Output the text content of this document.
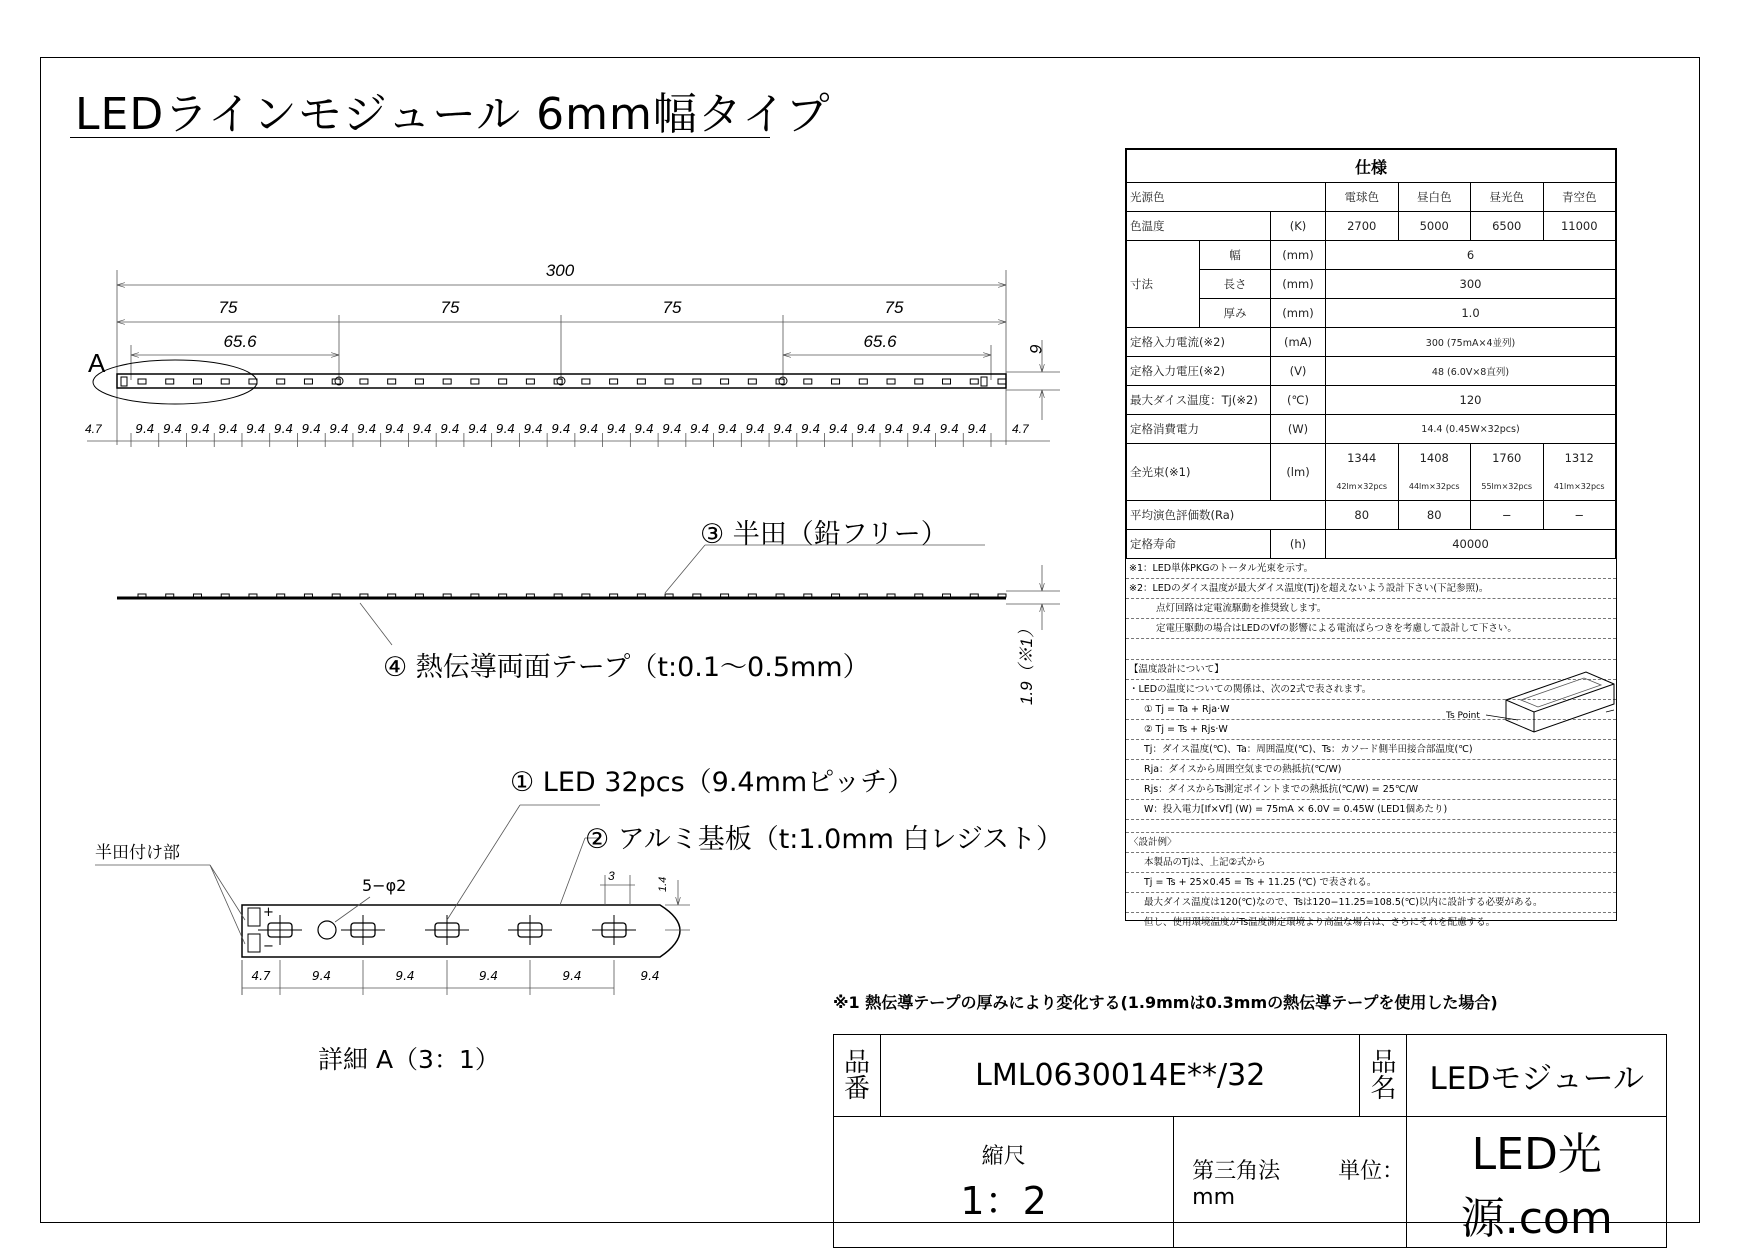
LEDラインモジュール 6mm幅タイプ
300
75	75	75	75
65.6	65.6	6
4.7	4.7
A
9.4 9.4 9.4 9.4 9.4 9.4 9.4 9.4 9.4 9.4 9.4 9.4 9.4 9.4 9.4 9.4 9.4 9.4 9.4 9.4 9.4 9.4 9.4 9.4 9.4 9.4 9.4 9.4 9.4 9.4 9.4
1.9（※1）
4.7	9.4	9.4	9.4	9.4	9.4
+
−
5−φ2	3
1.4
半田付け部
③ 半田（鉛フリー）
④ 熱伝導両面テープ（t:0.1〜0.5mm）
① LED 32pcs（9.4mmピッチ）
② アルミ基板（t:1.0mm 白レジスト）
詳細 A（3：1）
仕様						
光源色			電球色	昼白色	昼光色	青空色
色温度		(K)	2700	5000	6500	11000
寸法	幅	(mm)	6			
	長さ	(mm)	300			
	厚み	(mm)	1.0			
定格入力電流(※2)		(mA)	300 (75mA×4並列)			
定格入力電圧(※2)		(V)	48 (6.0V×8直列)			
最大ダイス温度：Tj(※2)		(℃)	120			
定格消費電力		(W)	14.4 (0.45W×32pcs)			
全光束(※1)		(lm)	1344	1408	1760	1312
			42lm×32pcs	44lm×32pcs	55lm×32pcs	41lm×32pcs
平均演色評価数(Ra)			80	80	−	−
定格寿命		(h)	40000			
※1：LED単体PKGのトータル光束を示す。
※2：LEDのダイス温度が最大ダイス温度(Tj)を超えないよう設計下さい(下記参照)。
点灯回路は定電流駆動を推奨致します。
定電圧駆動の場合はLEDのVfの影響による電流ばらつきを考慮して設計して下さい。
【温度設計について】
・LEDの温度についての関係は、次の2式で表されます。
① Tj = Ta + Rja·W
② Tj = Ts + Rjs·W
Tj：ダイス温度(℃)、Ta：周囲温度(℃)、Ts：カソード側半田接合部温度(℃)
Rja：ダイスから周囲空気までの熱抵抗(℃/W)
Rjs：ダイスからTs測定ポイントまでの熱抵抗(℃/W) = 25℃/W
W：投入電力[If×Vf] (W) = 75mA × 6.0V = 0.45W (LED1個あたり)
〈設計例〉
本製品のTjは、上記②式から
Tj = Ts + 25×0.45 = Ts + 11.25 (℃) で表される。
最大ダイス温度は120(℃)なので、Tsは120−11.25=108.5(℃)以内に設計する必要がある。
但し、使用環境温度がTs温度測定環境より高温な場合は、さらにそれを配慮する。
Ts Point
※1 熱伝導テープの厚みにより変化する(1.9mmは0.3mmの熱伝導テープを使用した場合)
品番	LML0630014E**/32		品名	LEDモジュール

縮尺
1：2		第三角法 単位：mm		LED光源.com
